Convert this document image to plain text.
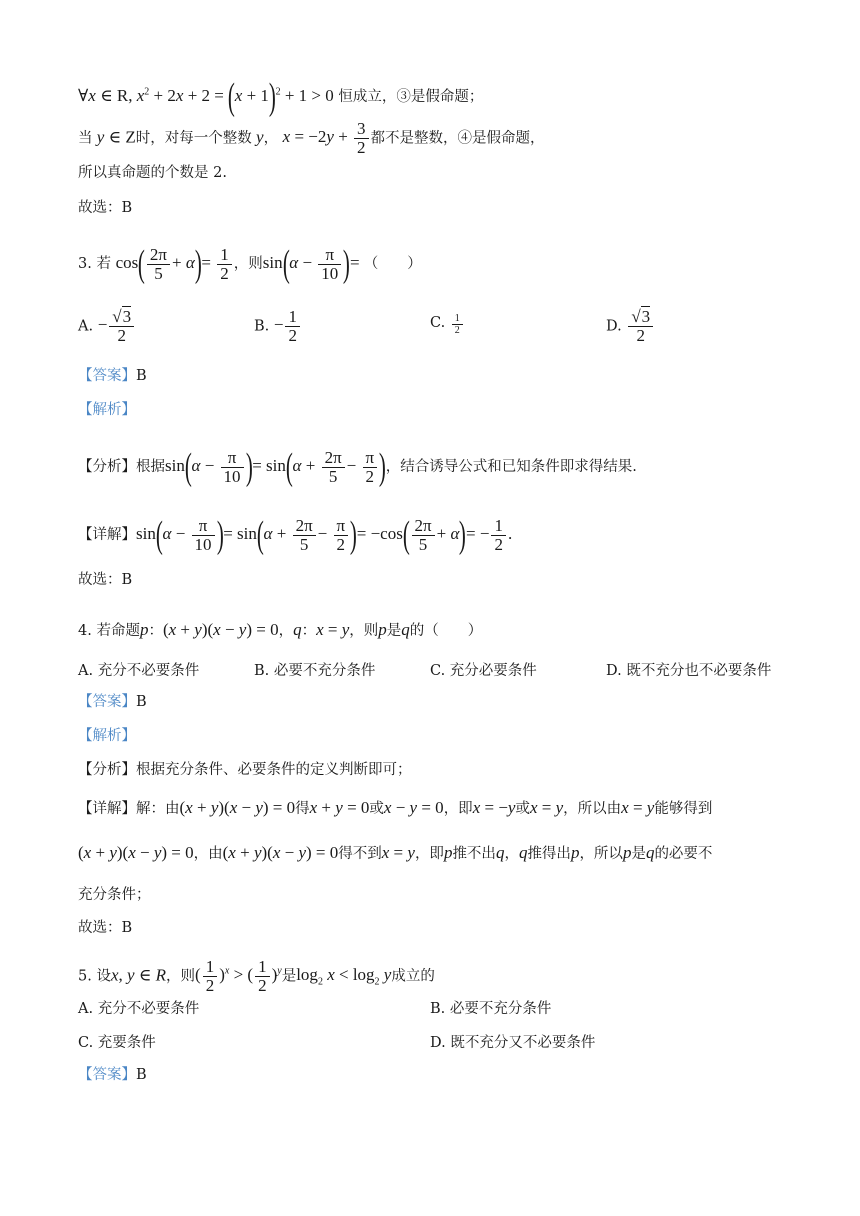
∀x ∈ R, $x^2 + 2x + 2 = (x + 1)^2 + 1 > 0$ 恒成立，③是假命题；
当 y ∈ Z时，对每一个整数 y， $x = -2y + \frac{3}{2}$ 都不是整数，④是假命题，
所以真命题的个数是 2.
故选：B
3. 若 $\cos( \frac{2\pi}{5} + \alpha)= \frac{1}{2}$ ，则$\sin(\alpha - \frac{\pi}{10}$ )= （　　）
A. − $\frac{√3}{2}$	B. − $\frac{1}{2}$	C. $\frac{1}{2}$	D. $\frac{√3}{2}$
【答案】B
【解析】
【分析】根据$\sin(\alpha - \frac{\pi}{10}$ )= $\sin(\alpha + \frac{2\pi}{5} - \frac{\pi}{2}$ )，结合诱导公式和已知条件即求得结果.
【详解】$\sin(\alpha - \frac{\pi}{10}$ )= $\sin(\alpha + \frac{2\pi}{5} - \frac{\pi}{2}$ )= $-\cos( \frac{2\pi}{5} + \alpha)= - \frac{1}{2}$ .
故选：B
4. 若命题p：(x + y)(x − y) = 0，q：x = y，则p是q的（　　）
A. 充分不必要条件	B. 必要不充分条件	C. 充分必要条件	D. 既不充分也不必要条件
【答案】B
【解析】
【分析】根据充分条件、必要条件的定义判断即可；
【详解】解：由(x + y)(x − y) = 0得x + y = 0或x − y = 0，即x = −y或x = y，所以由x = y能够得到
(x + y)(x − y) = 0，由(x + y)(x − y) = 0得不到x = y，即p推不出q，q推得出p，所以p是q的必要不
充分条件；
故选：B
5. 设x, y ∈ R，则( $\frac{1}{2} )^x$ > ( $\frac{1}{2} )^y$是$\log_2 x < \log_2 y$成立的
A. 充分不必要条件	B. 必要不充分条件
C. 充要条件	D. 既不充分又不必要条件
【答案】B
